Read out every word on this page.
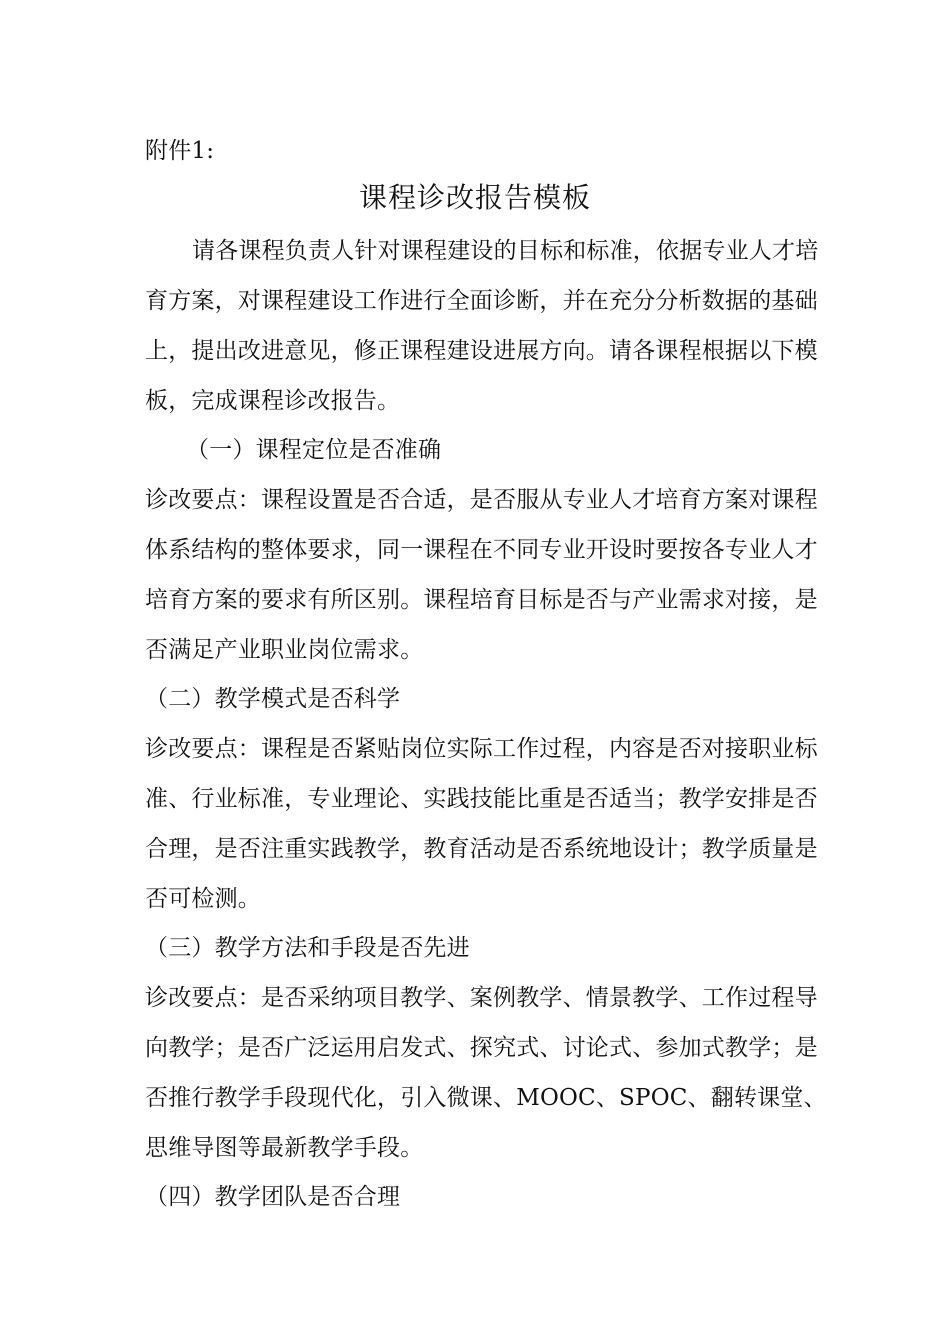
附件1:
课程诊改报告模板
请各课程负责人针对课程建设的目标和标准，依据专业人才培
育方案，对课程建设工作进行全面诊断，并在充分分析数据的基础
上，提出改进意见，修正课程建设进展方向。请各课程根据以下模
板，完成课程诊改报告。
（一）课程定位是否准确
诊改要点：课程设置是否合适，是否服从专业人才培育方案对课程
体系结构的整体要求，同一课程在不同专业开设时要按各专业人才
培育方案的要求有所区别。课程培育目标是否与产业需求对接，是
否满足产业职业岗位需求。
（二）教学模式是否科学
诊改要点：课程是否紧贴岗位实际工作过程，内容是否对接职业标
准、行业标准，专业理论、实践技能比重是否适当；教学安排是否
合理，是否注重实践教学，教育活动是否系统地设计；教学质量是
否可检测。
（三）教学方法和手段是否先进
诊改要点：是否采纳项目教学、案例教学、情景教学、工作过程导
向教学；是否广泛运用启发式、探究式、讨论式、参加式教学；是
否推行教学手段现代化，引入微课、MOOC、SPOC、翻转课堂、
思维导图等最新教学手段。
（四）教学团队是否合理
